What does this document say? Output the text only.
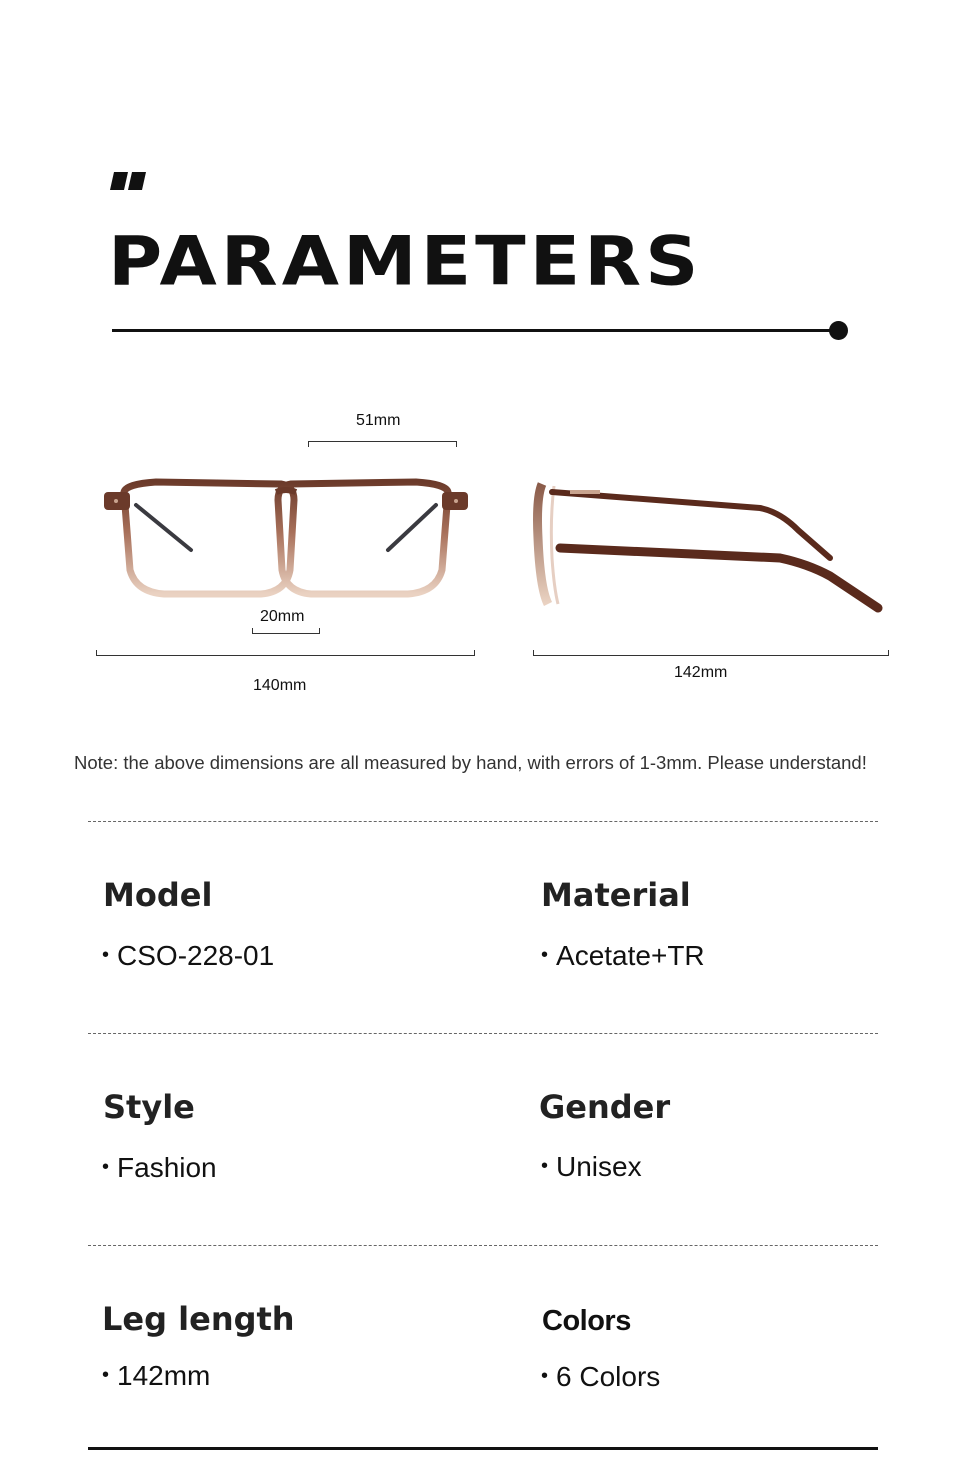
PARAMETERS
51mm
20mm
140mm
142mm
Note: the above dimensions are all measured by hand, with errors of 1-3mm. Please understand!
Model
• CSO-228-01
Material
• Acetate+TR
Style
• Fashion
Gender
• Unisex
Leg length
• 142mm
Colors
• 6 Colors
